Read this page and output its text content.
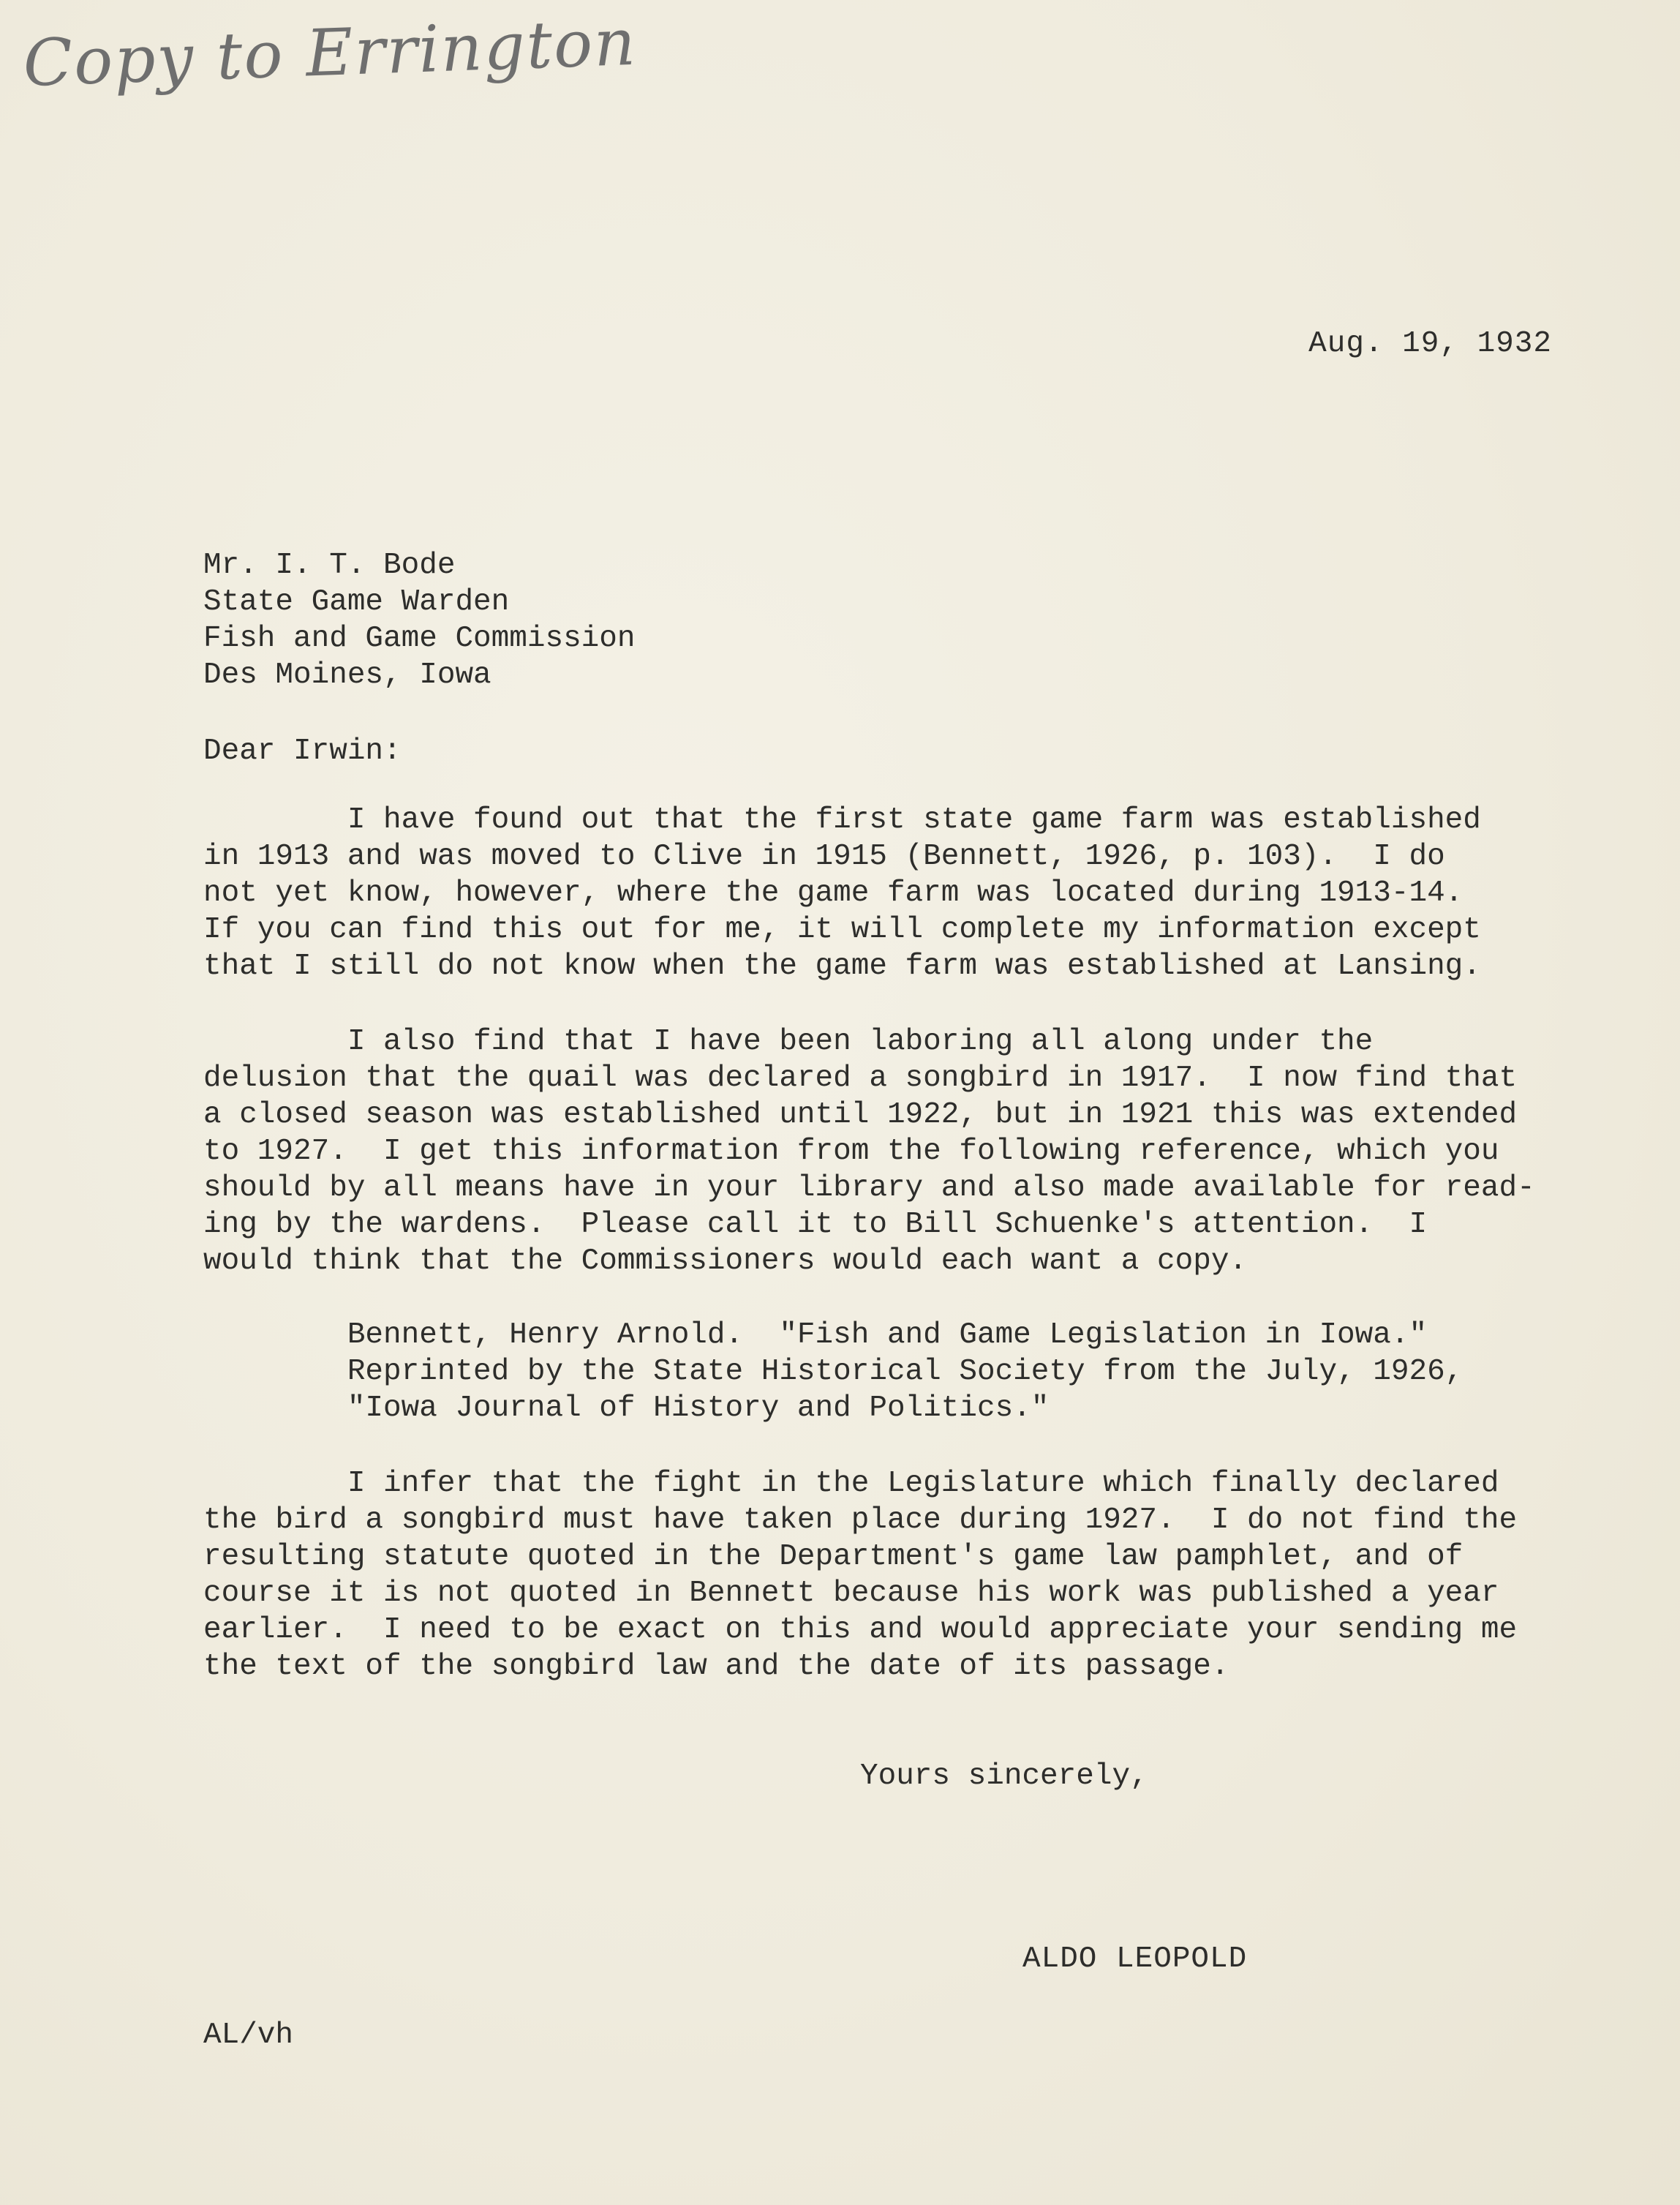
Copy to Errington
Aug. 19, 1932
Mr. I. T. Bode
State Game Warden
Fish and Game Commission
Des Moines, Iowa
Dear Irwin:
I have found out that the first state game farm was established
in 1913 and was moved to Clive in 1915 (Bennett, 1926, p. 103).  I do
not yet know, however, where the game farm was located during 1913-14.
If you can find this out for me, it will complete my information except
that I still do not know when the game farm was established at Lansing.
I also find that I have been laboring all along under the
delusion that the quail was declared a songbird in 1917.  I now find that
a closed season was established until 1922, but in 1921 this was extended
to 1927.  I get this information from the following reference, which you
should by all means have in your library and also made available for read-
ing by the wardens.  Please call it to Bill Schuenke's attention.  I
would think that the Commissioners would each want a copy.
Bennett, Henry Arnold.  "Fish and Game Legislation in Iowa."
Reprinted by the State Historical Society from the July, 1926,
"Iowa Journal of History and Politics."
I infer that the fight in the Legislature which finally declared
the bird a songbird must have taken place during 1927.  I do not find the
resulting statute quoted in the Department's game law pamphlet, and of
course it is not quoted in Bennett because his work was published a year
earlier.  I need to be exact on this and would appreciate your sending me
the text of the songbird law and the date of its passage.
Yours sincerely,
ALDO LEOPOLD
AL/vh
